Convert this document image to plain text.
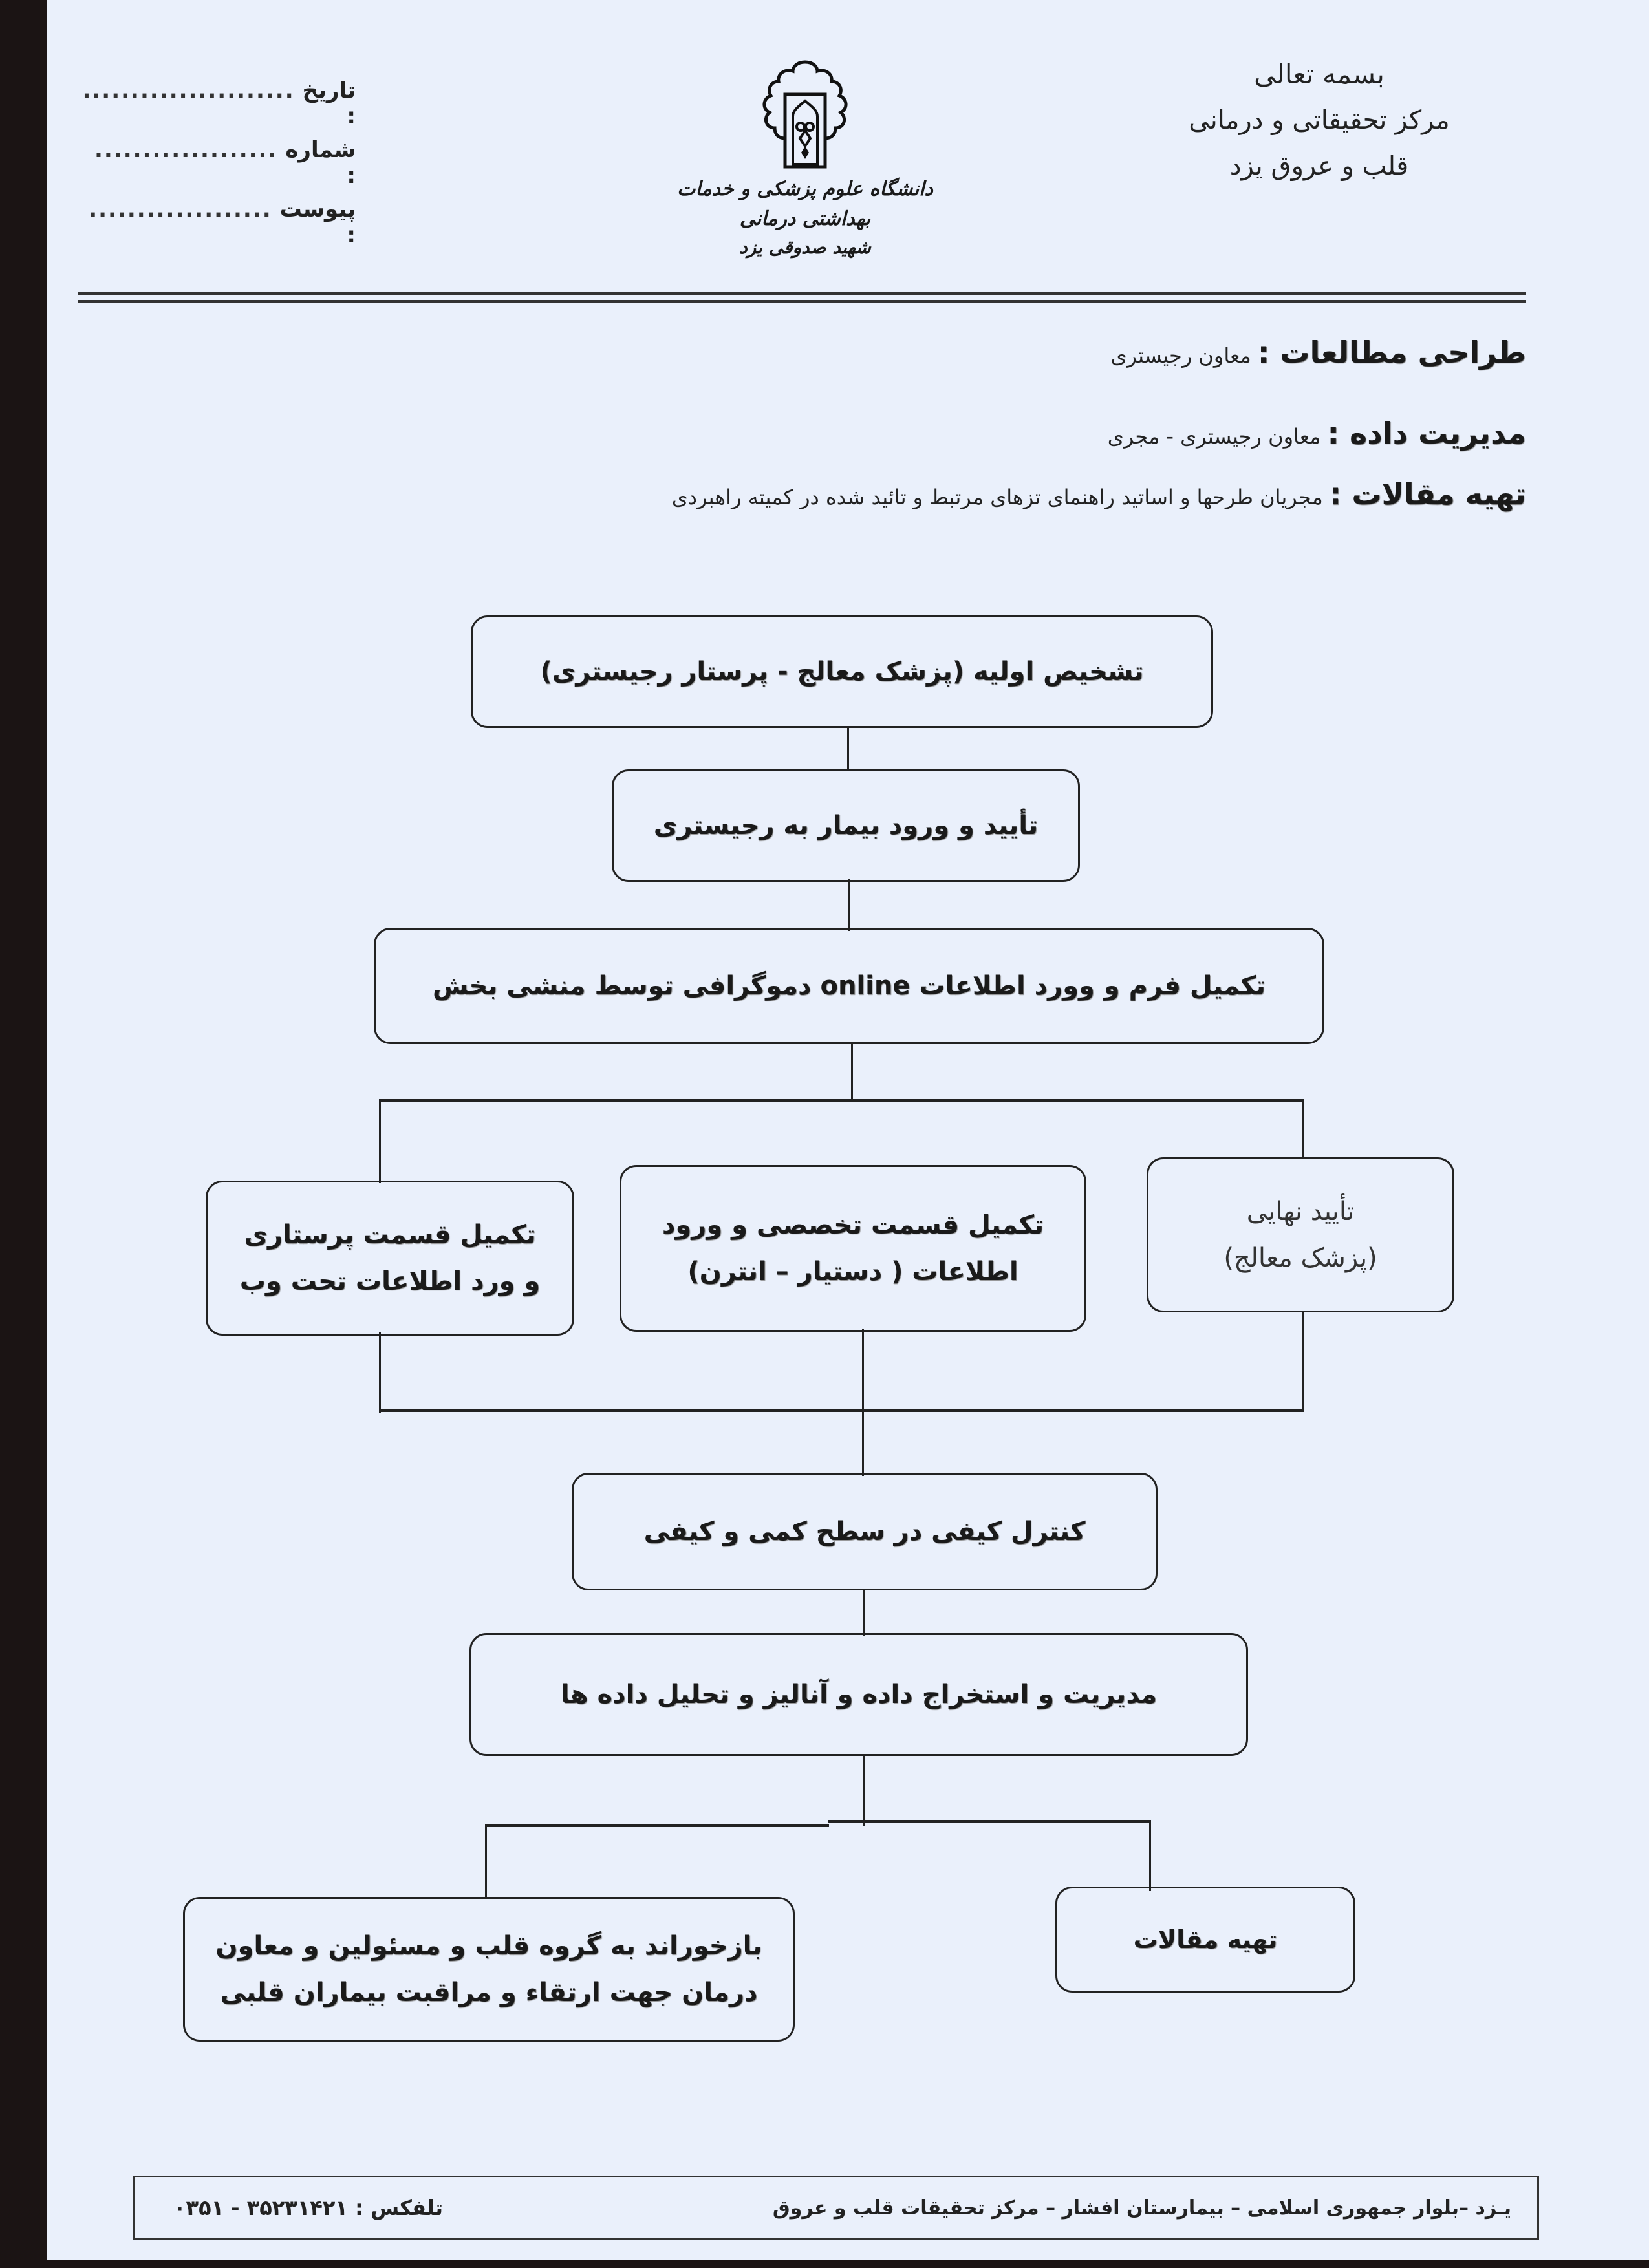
بسمه تعالی
مرکز تحقیقاتی و درمانی
قلب و عروق یزد
دانشگاه علوم پزشکی و خدمات بهداشتی درمانی
شهید صدوقی یزد
تاریخ :
......................
شماره :
...................
پیوست :
...................
طراحی مطالعات : معاون رجیستری
مدیریت داده : معاون رجیستری - مجری
تهیه مقالات : مجریان طرحها و اساتید راهنمای تزهای مرتبط و تائید شده در کمیته راهبردی
تشخیص اولیه (پزشک معالج - پرستار رجیستری)
تأیید و ورود بیمار به رجیستری
تکمیل فرم و وورد اطلاعات online دموگرافی توسط منشی بخش
تأیید نهایی
(پزشک معالج)
تکمیل قسمت تخصصی و ورود
اطلاعات ( دستیار – انترن)
تکمیل قسمت پرستاری
و ورد اطلاعات تحت وب
کنترل کیفی در سطح کمی و کیفی
مدیریت و استخراج داده و آنالیز و تحلیل داده ها
تهیه مقالات
بازخوراند به گروه قلب و مسئولین و معاون
درمان جهت ارتقاء و مراقبت بیماران قلبی
تلفکس : ۳۵۲۳۱۴۲۱ - ۰۳۵۱	یـزد –بلوار جمهوری اسلامی – بیمارستان افشار – مرکز تحقیقات قلب و عروق
